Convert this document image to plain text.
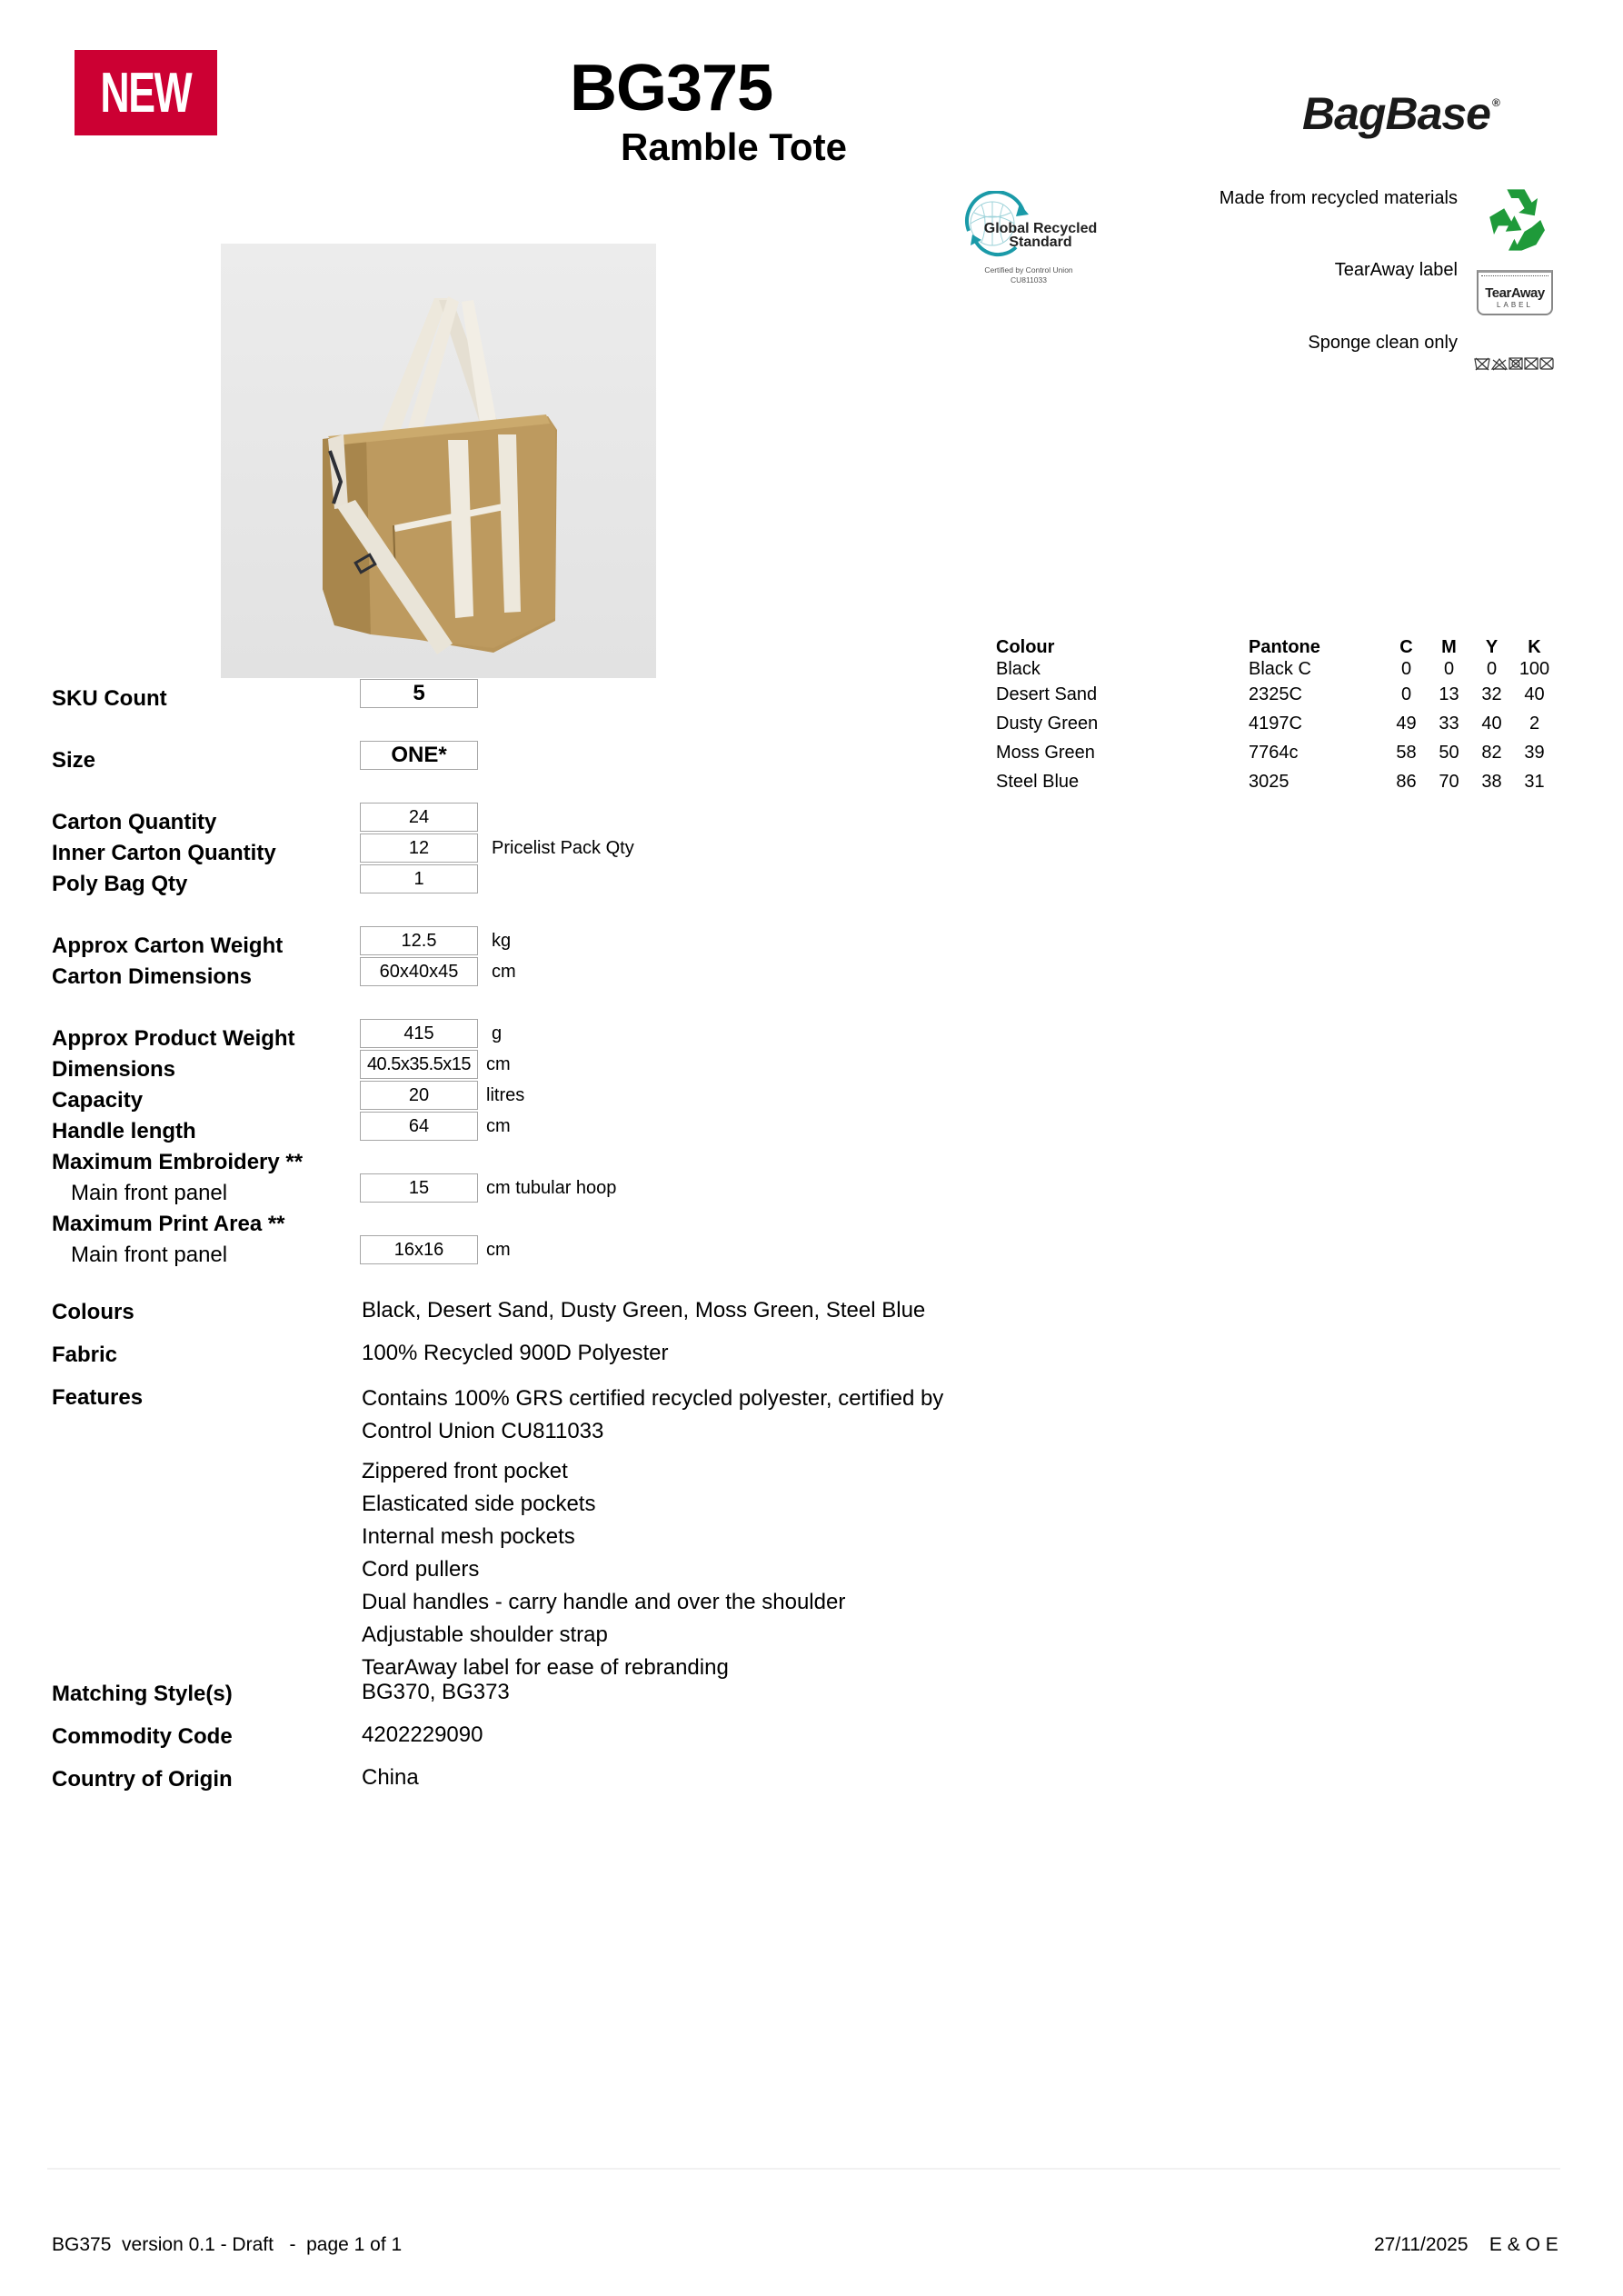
NEW	BG375
Ramble Tote
BagBase ®
Global Recycled
Standard
Certified by Control Union
CU811033
Made from recycled materials
TearAway label
TearAway
LABEL
Sponge clean only
Colour	Pantone	C	M	Y	K
Black	Black C	0	0	0	100
Desert Sand	2325C	0	13	32	40
Dusty Green	4197C	49	33	40	2
Moss Green	7764c	58	50	82	39
Steel Blue	3025	86	70	38	31
SKU Count	5
Size	ONE*
Carton Quantity	24
Inner Carton Quantity	12	Pricelist Pack Qty
Poly Bag Qty	1
Approx Carton Weight	12.5	kg
Carton Dimensions	60x40x45	cm
Approx Product Weight	415	g
Dimensions	40.5x35.5x15 cm
Capacity	20	litres
Handle length	64	cm
Maximum Embroidery **
Main front panel	15	cm tubular hoop
Maximum Print Area **
Main front panel	16x16	cm
Colours	Black, Desert Sand, Dusty Green, Moss Green, Steel Blue
Fabric	100% Recycled 900D Polyester
Features	Contains 100% GRS certified recycled polyester, certified by
Control Union CU811033
Zippered front pocket
Elasticated side pockets
Internal mesh pockets
Cord pullers
Dual handles - carry handle and over the shoulder
Adjustable shoulder strap
TearAway label for ease of rebranding
Matching Style(s)	BG370, BG373
Commodity Code	4202229090
Country of Origin	China
BG375  version 0.1 - Draft   -  page 1 of 1	27/11/2025 E & O E
